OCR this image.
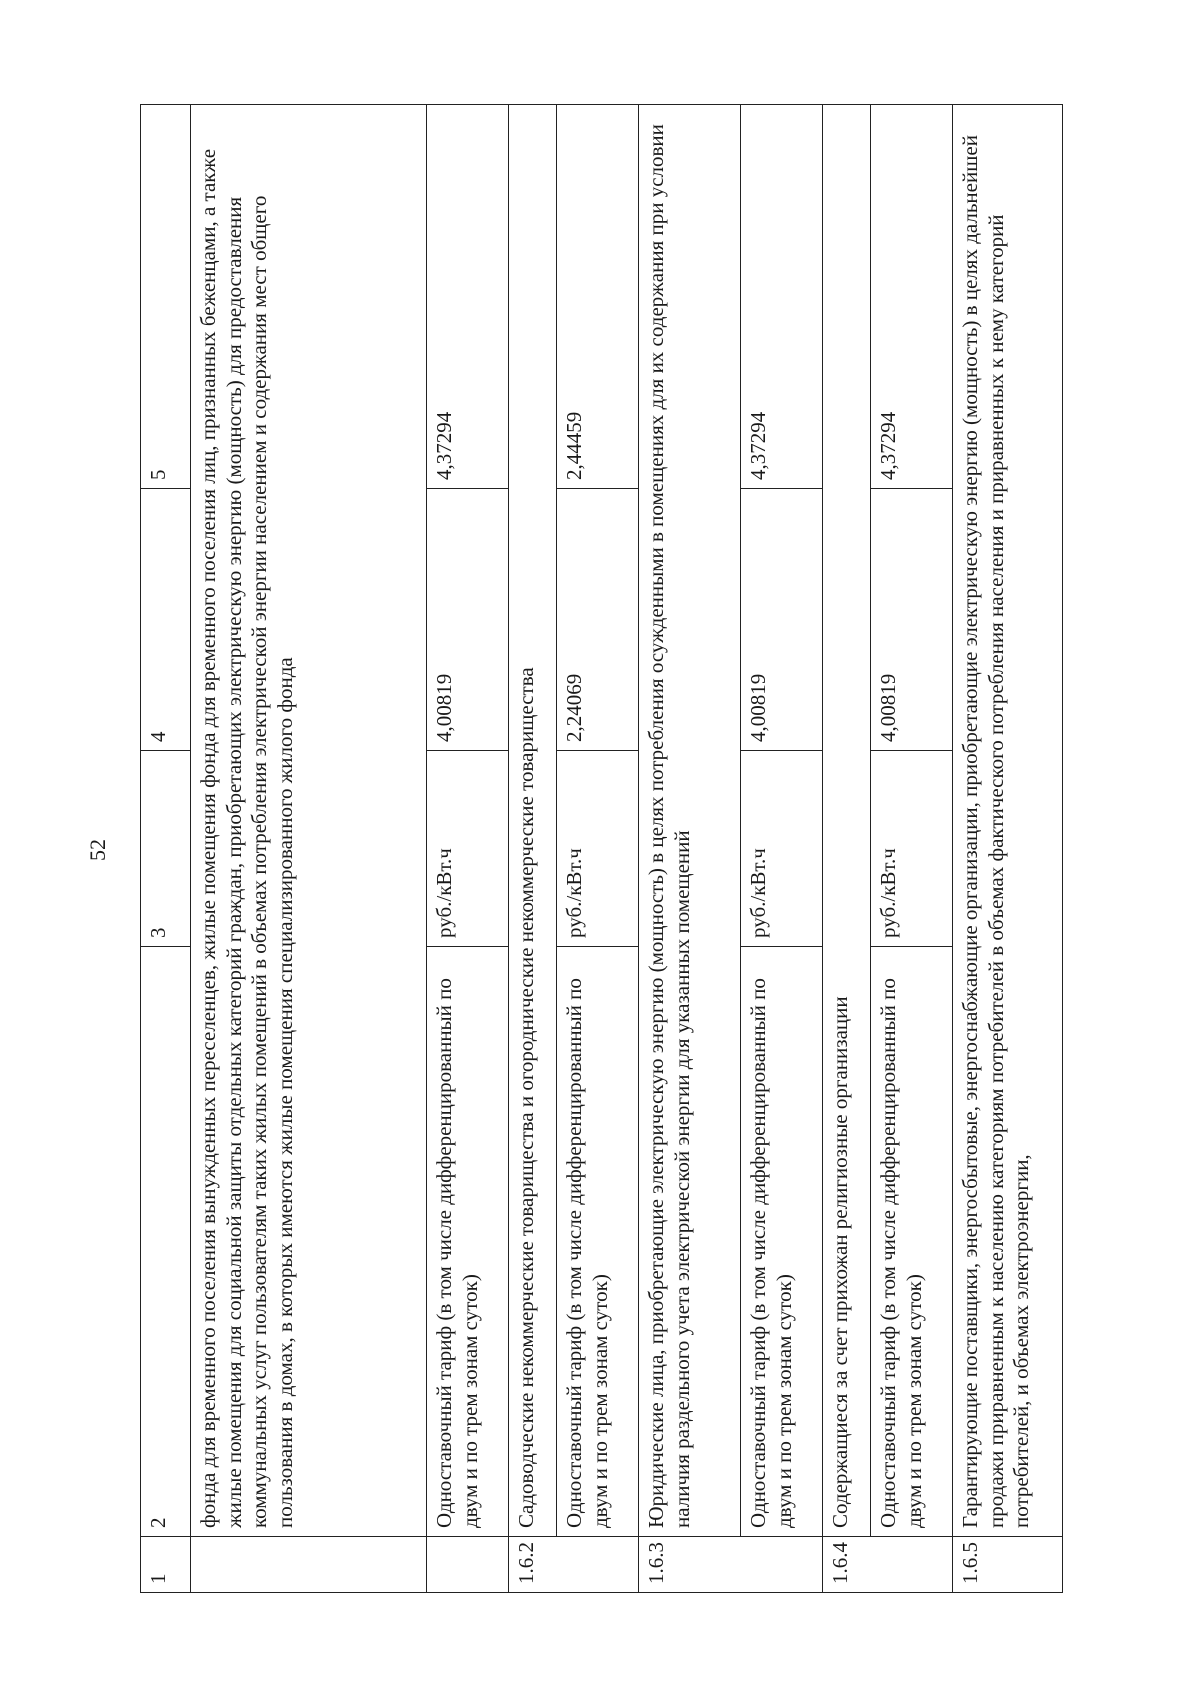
52
1	2	3	4	5
	фонда для временного поселения вынужденных переселенцев, жилые помещения фонда для временного поселения лиц, признанных беженцами, а также жилые помещения для социальной защиты отдельных категорий граждан, приобретающих электрическую энергию (мощность) для предоставления коммунальных услуг пользователям таких жилых помещений в объемах потребления электрической энергии населением и содержания мест общего пользования в домах, в которых имеются жилые помещения специализированного жилого фонда			
	Одноставочный тариф (в том числе дифференцированный по двум и по трем зонам суток)	руб./кВт.ч	4,00819	4,37294
1.6.2	Садоводческие некоммерческие товарищества и огороднические некоммерческие товарищества			
	Одноставочный тариф (в том числе дифференцированный по двум и по трем зонам суток)	руб./кВт.ч	2,24069	2,44459
1.6.3	Юридические лица, приобретающие электрическую энергию (мощность) в целях потребления осужденными в помещениях для их содержания при условии наличия раздельного учета электрической энергии для указанных помещений			
	Одноставочный тариф (в том числе дифференцированный по двум и по трем зонам суток)	руб./кВт.ч	4,00819	4,37294
1.6.4	Содержащиеся за счет прихожан религиозные организации			
	Одноставочный тариф (в том числе дифференцированный по двум и по трем зонам суток)	руб./кВт.ч	4,00819	4,37294
1.6.5	Гарантирующие поставщики, энергосбытовые, энергоснабжающие организации, приобретающие электрическую энергию (мощность) в целях дальнейшей продажи приравненным к населению категориям потребителей в объемах фактического потребления населения и приравненных к нему категорий потребителей, и объемах электроэнергии,			
